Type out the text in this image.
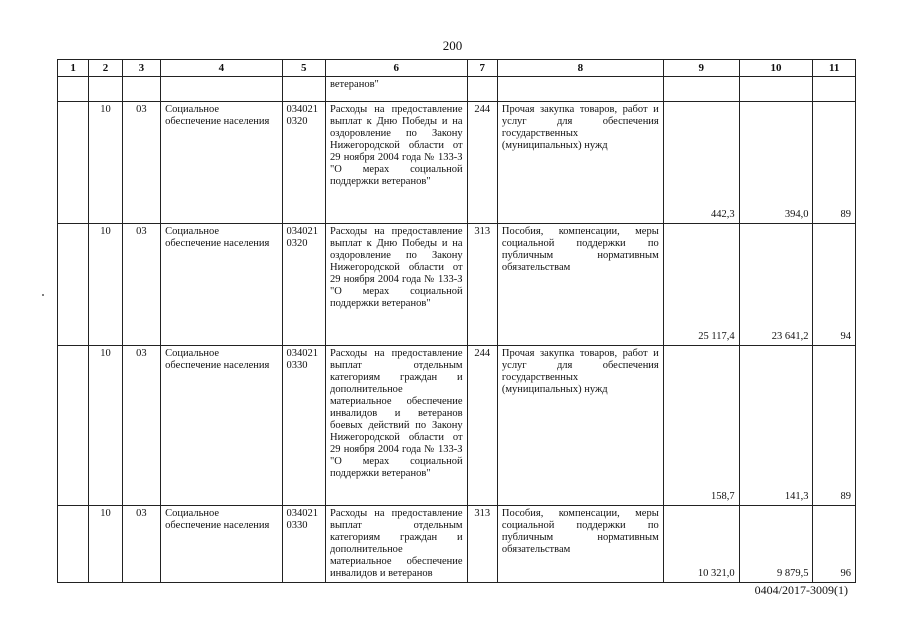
200
1	2	3	4	5	6	7	8	9	10	11
					ветеранов"					
	10	03	Социальное обеспечение населения	034021 0320	Расходы на предоставление выплат к Дню Победы и на оздоровление по Закону Нижегородской области от 29 ноября 2004 года № 133-З "О мерах социальной поддержки ветеранов"	244	Прочая закупка товаров, работ и услуг для обеспечения государственных (муниципальных) нужд	442,3	394,0	89
	10	03	Социальное обеспечение населения	034021 0320	Расходы на предоставление выплат к Дню Победы и на оздоровление по Закону Нижегородской области от 29 ноября 2004 года № 133-З "О мерах социальной поддержки ветеранов"	313	Пособия, компенсации, меры социальной поддержки по публичным нормативным обязательствам	25 117,4	23 641,2	94
	10	03	Социальное обеспечение населения	034021 0330	Расходы на предоставление выплат отдельным категориям граждан и дополнительное материальное обеспечение инвалидов и ветеранов боевых действий по Закону Нижегородской области от 29 ноября 2004 года № 133-З "О мерах социальной поддержки ветеранов"	244	Прочая закупка товаров, работ и услуг для обеспечения государственных (муниципальных) нужд	158,7	141,3	89
	10	03	Социальное обеспечение населения	034021 0330	Расходы на предоставление выплат отдельным категориям граждан и дополнительное материальное обеспечение инвалидов и ветеранов	313	Пособия, компенсации, меры социальной поддержки по публичным нормативным обязательствам	10 321,0	9 879,5	96
0404/2017-3009(1)
